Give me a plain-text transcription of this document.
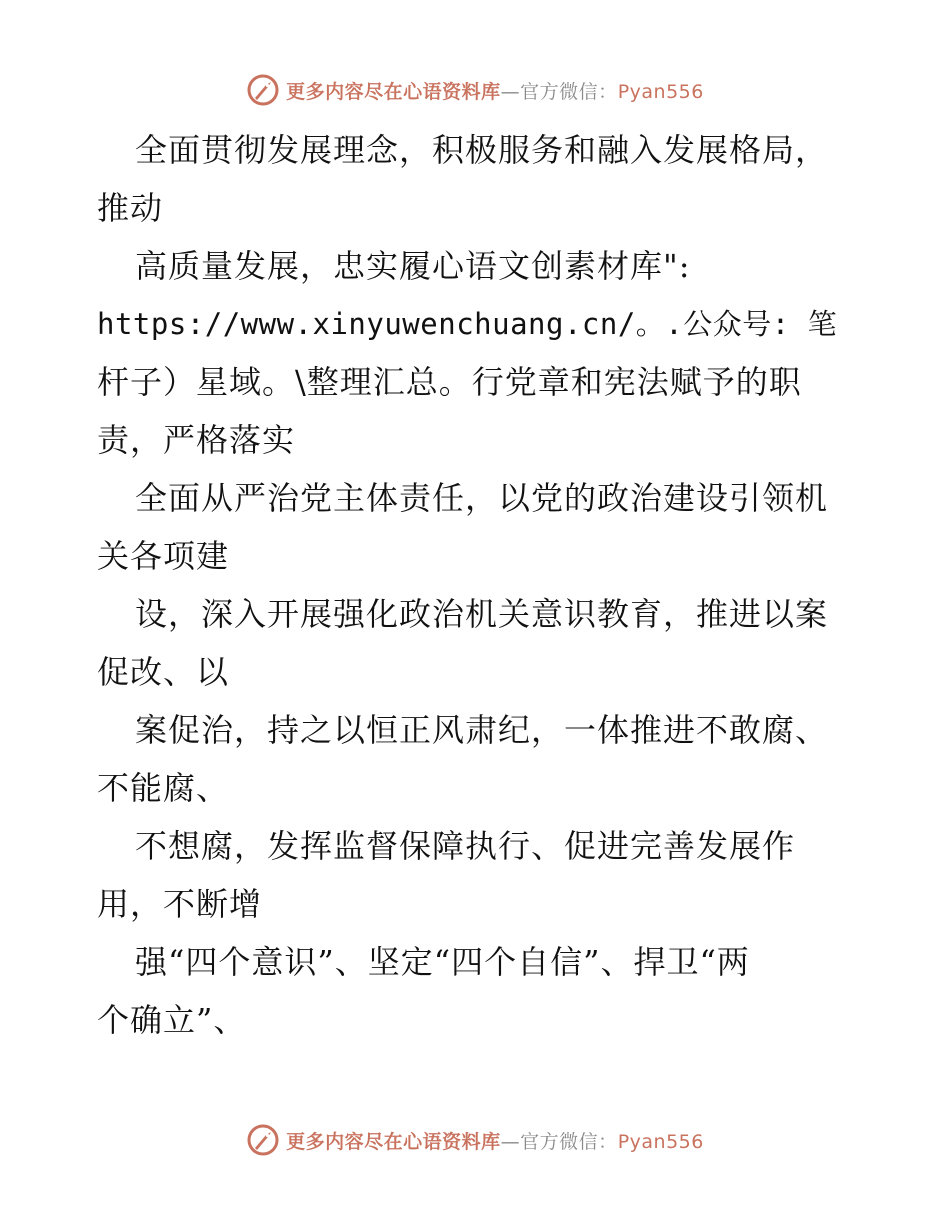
更多内容尽在心语资料库—官方微信：Pyan556
全面贯彻发展理念，积极服务和融入发展格局，
推动
高质量发展，忠实履心语文创素材库":
https://www.xinyuwenchuang.cn/。.公众号: 笔
杆子）星域。\整理汇总。行党章和宪法赋予的职
责，严格落实
全面从严治党主体责任，以党的政治建设引领机
关各项建
设，深入开展强化政治机关意识教育，推进以案
促改、以
案促治，持之以恒正风肃纪，一体推进不敢腐、
不能腐、
不想腐，发挥监督保障执行、促进完善发展作
用，不断增
强“四个意识”、坚定“四个自信”、捍卫“两
个确立”、
更多内容尽在心语资料库—官方微信：Pyan556
